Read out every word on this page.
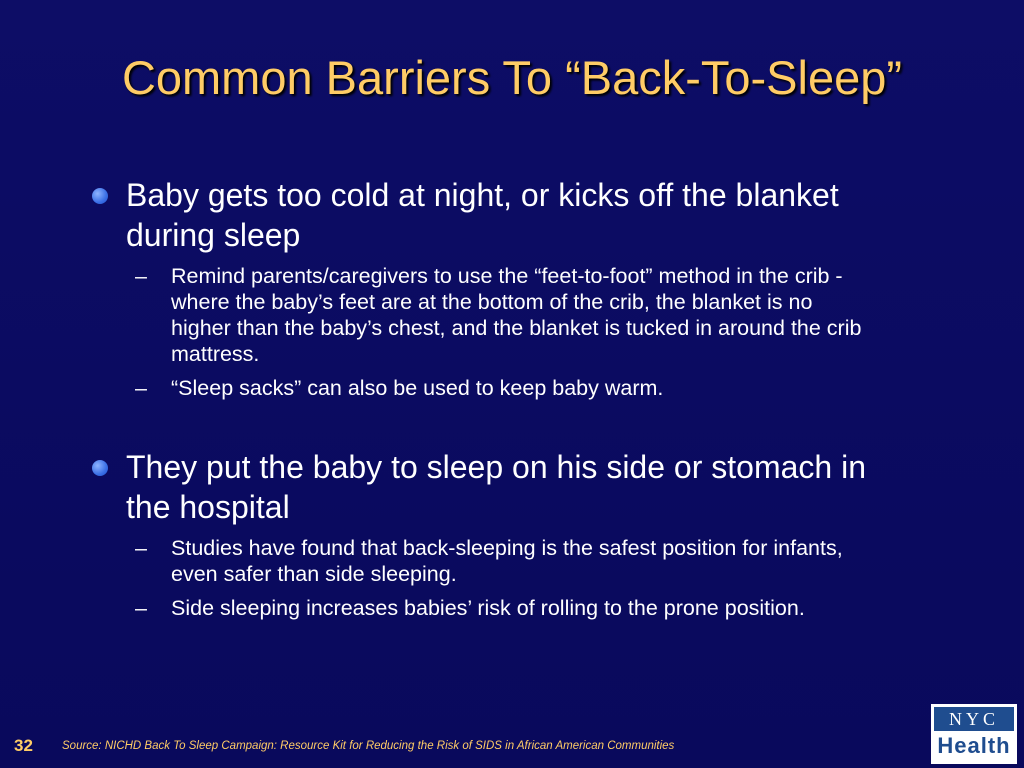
Common Barriers To “Back-To-Sleep”
Baby gets too cold at night, or kicks off the blanket during sleep
– Remind parents/caregivers to use the “feet-to-foot” method in the crib - where the baby’s feet are at the bottom of the crib, the blanket is no higher than the baby’s chest, and the blanket is tucked in around the crib mattress.
– “Sleep sacks” can also be used to keep baby warm.
They put the baby to sleep on his side or stomach in the hospital
– Studies have found that back-sleeping is the safest position for infants, even safer than side sleeping.
– Side sleeping increases babies’ risk of rolling to the prone position.
32	Source: NICHD Back To Sleep Campaign: Resource Kit for Reducing the Risk of SIDS in African American Communities
NYC
Health
